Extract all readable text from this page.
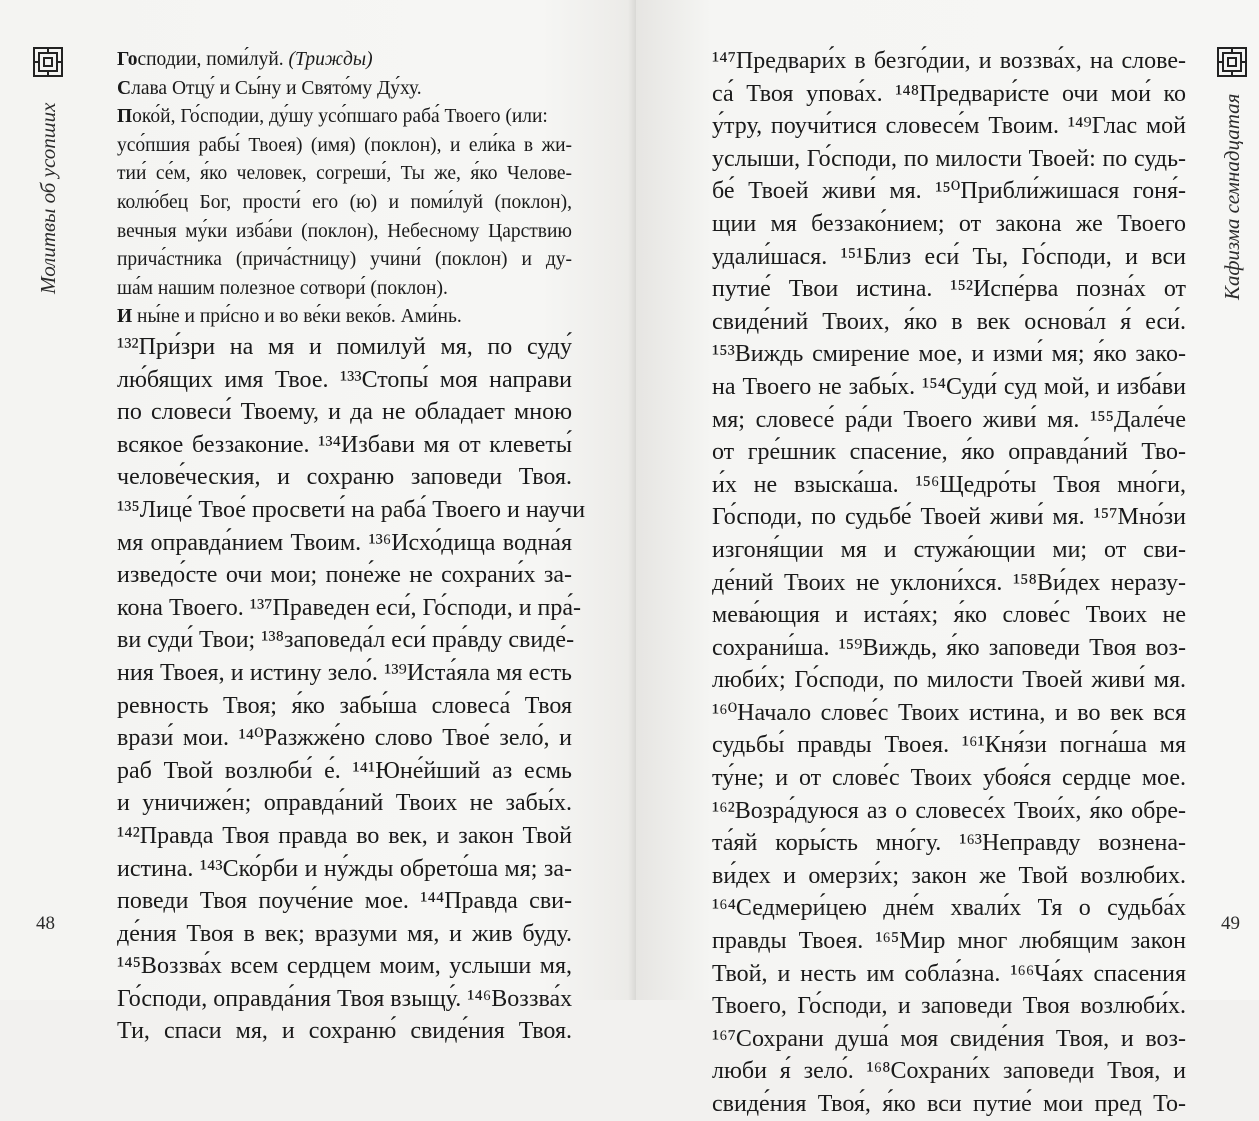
Молитвы об усопших
48

Господии, поми́луй. (Трижды)

Слава Отцу́ и Сы́ну и Свято́му Ду́ху.

Поко́й, Го́сподии, ду́шу усо́пшаго раба́ Твоего (или:

усо́пшия рабы́ Твоея) (имя) (поклон), и ели́ка в жи-

тии́ се́м, я́ко человек, согреши́, Ты же, я́ко Челове-

колю́бец Бог, прости́ его (ю) и поми́луй (поклон),

вечныя му́ки изба́ви (поклон), Небесному Царствию

прича́стника (прича́стницу) учини́ (поклон) и ду-

ша́м нашим полезное сотвори́ (поклон).

И ны́не и при́сно и во ве́ки веко́в. Ами́нь.

¹³²При́зри на мя и помилуй мя, по суду́
лю́бящих имя Твое. ¹³³Стопы́ моя направи
по словеси́ Твоему, и да не обладает мною
всякое беззаконие. ¹³⁴Избави мя от клеветы́
челове́ческия, и сохраню заповеди Твоя.
¹³⁵Лице́ Твое́ просвети́ на раба́ Твоего и научи
мя оправда́нием Твоим. ¹³⁶Исхо́дища водна́я
изведо́сте очи мои; поне́же не сохрани́х за-
кона Твоего. ¹³⁷Праведен еси́, Го́споди, и пра́-
ви суди́ Твои; ¹³⁸заповеда́л еси́ пра́вду свиде́-
ния Твоея, и истину зело́. ¹³⁹Иста́яла мя есть
ревность Твоя; я́ко забы́ша словеса́ Твоя
врази́ мои. ¹⁴⁰Разжже́но слово Твое́ зело́, и
раб Твой возлюби́ е́. ¹⁴¹Юне́йший аз есмь
и уничиже́н; оправда́ний Твоих не забы́х.
¹⁴²Правда Твоя правда во век, и закон Твой
истина. ¹⁴³Ско́рби и ну́жды обрето́ша мя; за-
поведи Твоя поуче́ние мое. ¹⁴⁴Правда сви-
де́ния Твоя в век; вразуми мя, и жив буду.
¹⁴⁵Воззва́х всем сердцем моим, услыши мя,
Го́споди, оправда́ния Твоя взыщу́. ¹⁴⁶Воззва́х
Ти, спаси мя, и сохраню́ свиде́ния Твоя.
¹⁴⁷Предвари́х в безго́дии, и воззва́х, на слове-
са́ Твоя упова́х. ¹⁴⁸Предвари́сте очи мои́ ко
у́тру, поучи́тися словесе́м Твоим. ¹⁴⁹Глас мой
услыши, Го́споди, по милости Твоей: по судь-
бе́ Твоей живи́ мя. ¹⁵⁰Прибли́жишася гоня́-
щии мя беззако́нием; от закона же Твоего
удали́шася. ¹⁵¹Близ еси́ Ты, Го́споди, и вси
путие́ Твои истина. ¹⁵²Испе́рва позна́х от
свиде́ний Твоих, я́ко в век основа́л я́ еси́.
¹⁵³Виждь смирение мое, и изми́ мя; я́ко зако-
на Твоего не забы́х. ¹⁵⁴Суди́ суд мой, и изба́ви
мя; словесе́ ра́ди Твоего живи́ мя. ¹⁵⁵Дале́че
от гре́шник спасение, я́ко оправда́ний Тво-
и́х не взыска́ша. ¹⁵⁶Щедро́ты Твоя мно́ги,
Го́споди, по судьбе́ Твоей живи́ мя. ¹⁵⁷Мно́зи
изгоня́щии мя и стужа́ющии ми; от сви-
де́ний Твоих не уклони́хся. ¹⁵⁸Ви́дех неразу-
мева́ющия и иста́ях; я́ко слове́с Твоих не
сохрани́ша. ¹⁵⁹Виждь, я́ко заповеди Твоя воз-
люби́х; Го́споди, по милости Твоей живи́ мя.
¹⁶⁰Начало слове́с Твоих истина, и во век вся
судьбы́ правды Твоея. ¹⁶¹Кня́зи погна́ша мя
ту́не; и от слове́с Твоих убоя́ся сердце мое.
¹⁶²Возра́дуюся аз о словесе́х Твои́х, я́ко обре-
та́яй коры́сть мно́гу. ¹⁶³Неправду вознена-
ви́дех и омерзи́х; закон же Твой возлюбих.
¹⁶⁴Седмери́цею дне́м хвали́х Тя о судьба́х
правды Твоея. ¹⁶⁵Мир мног любящим закон
Твой, и несть им собла́зна. ¹⁶⁶Ча́ях спасения
Твоего, Го́споди, и заповеди Твоя возлюби́х.
¹⁶⁷Сохрани душа́ моя свиде́ния Твоя, и воз-
люби я́ зело́. ¹⁶⁸Сохрани́х заповеди Твоя, и
свиде́ния Твоя́, я́ко вси путие́ мои пред То-
Кафизма семнадцатая
49
